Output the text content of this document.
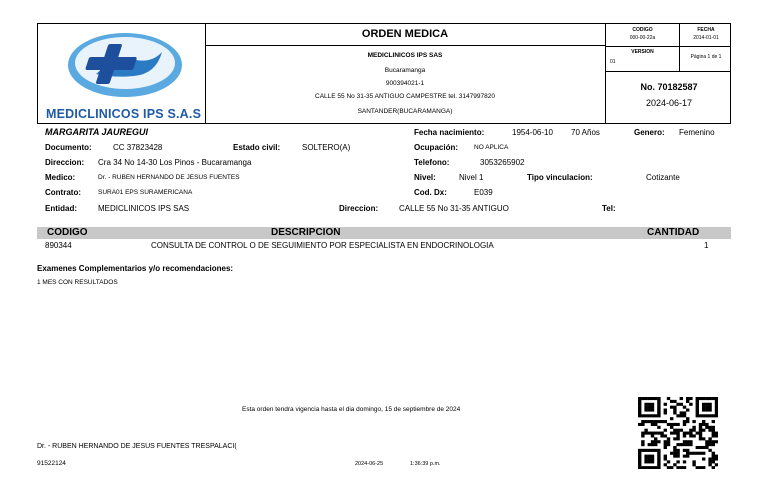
MEDICLINICOS IPS S.A.S
ORDEN MEDICA
MEDICLINICOS IPS SAS
Bucaramanga
900394021-1
CALLE 55 No 31-35 ANTIGUO CAMPESTRE tel. 3147997820
SANTANDER(BUCARAMANGA)
CODIGO
000-00-22a
FECHA
2014-01-01
VERSION
01
Página 1 de 1
No. 70182587
2024-06-17
MARGARITA JAUREGUI
Documento:	CC 37823428	Estado civil:	SOLTERO(A)
Direccion: Cra 34 No 14-30 Los Pinos - Bucaramanga
Medico:	Dr. - RUBEN HERNANDO DE JESUS FUENTES
Contrato:	SURA01 EPS SURAMERICANA
Entidad:	MEDICLINICOS IPS SAS	Direccion:	CALLE 55 No 31-35 ANTIGUO	Tel:
Fecha nacimiento:	1954-06-10 70 Años	Genero: Femenino
Ocupación: NO APLICA
Telefono:	3053265902
Nivel:	Nivel 1	Tipo vinculacion:	Cotizante
Cod. Dx:	E039
CODIGO	DESCRIPCION	CANTIDAD
890344	CONSULTA DE CONTROL O DE SEGUIMIENTO POR ESPECIALISTA EN ENDOCRINOLOGIA	1
Examenes Complementarios y/o recomendaciones:
1 MES CON RESULTADOS
Esta orden tendra vigencia hasta el dia domingo, 15 de septiembre de 2024
Dr. - RUBEN HERNANDO DE JESUS FUENTES TRESPALACI(
91522124	2024-06-25	1:36:39 p.m.
